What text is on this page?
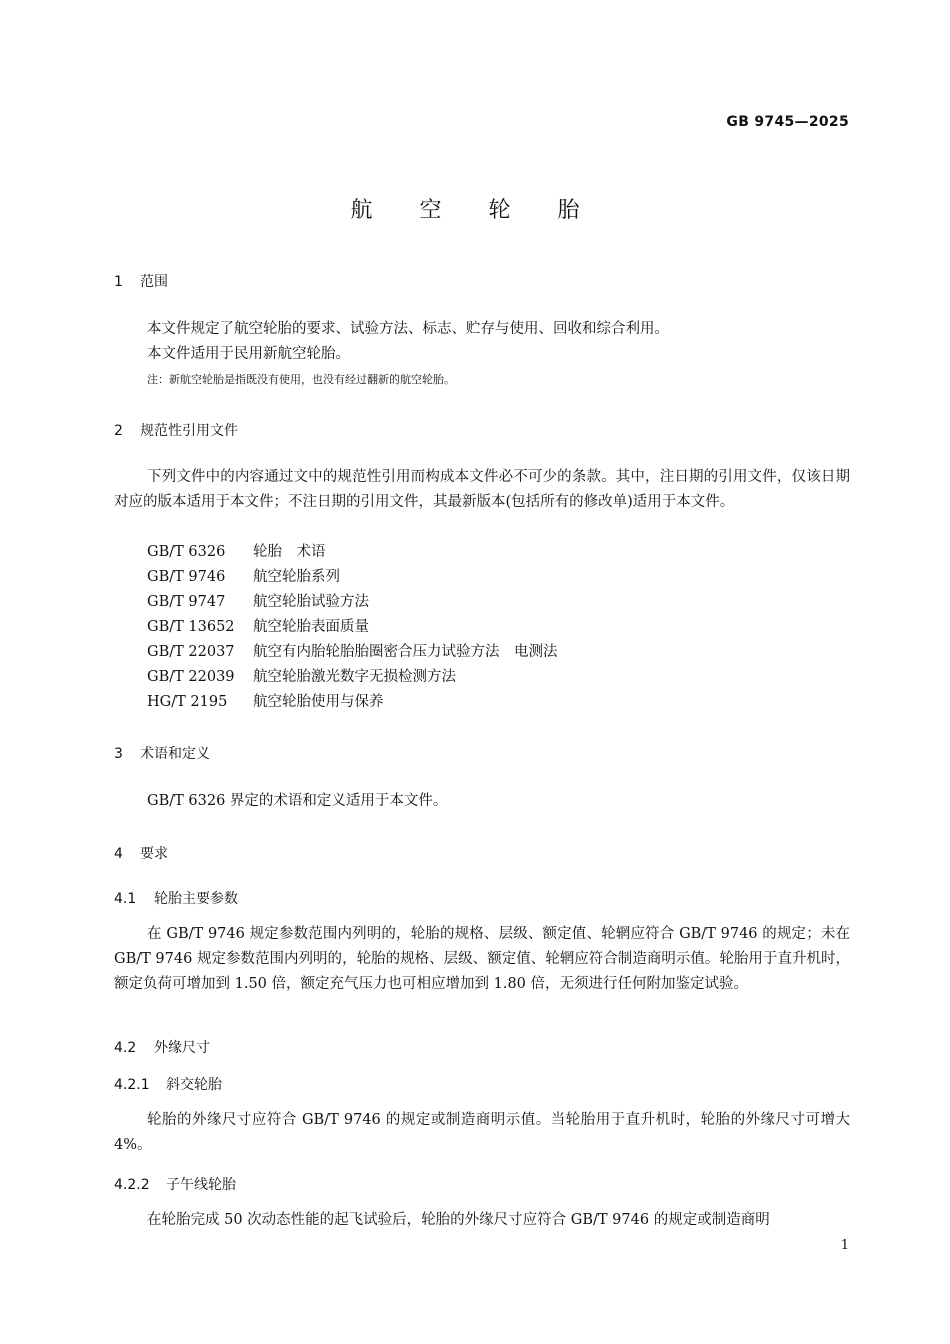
GB 9745—2025
航 空 轮 胎
1 范围
本文件规定了航空轮胎的要求、试验方法、标志、贮存与使用、回收和综合利用。
本文件适用于民用新航空轮胎。
注：新航空轮胎是指既没有使用，也没有经过翻新的航空轮胎。
2 规范性引用文件
下列文件中的内容通过文中的规范性引用而构成本文件必不可少的条款。其中，注日期的引用文件，仅该日期对应的版本适用于本文件；不注日期的引用文件，其最新版本(包括所有的修改单)适用于本文件。
GB/T 6326 轮胎　术语
GB/T 9746 航空轮胎系列
GB/T 9747 航空轮胎试验方法
GB/T 13652 航空轮胎表面质量
GB/T 22037 航空有内胎轮胎胎圈密合压力试验方法　电测法
GB/T 22039 航空轮胎激光数字无损检测方法
HG/T 2195 航空轮胎使用与保养
3 术语和定义
GB/T 6326 界定的术语和定义适用于本文件。
4 要求
4.1 轮胎主要参数
在 GB/T 9746 规定参数范围内列明的，轮胎的规格、层级、额定值、轮辋应符合 GB/T 9746 的规定；未在 GB/T 9746 规定参数范围内列明的，轮胎的规格、层级、额定值、轮辋应符合制造商明示值。轮胎用于直升机时，额定负荷可增加到 1.50 倍，额定充气压力也可相应增加到 1.80 倍，无须进行任何附加鉴定试验。
4.2 外缘尺寸
4.2.1 斜交轮胎
轮胎的外缘尺寸应符合 GB/T 9746 的规定或制造商明示值。当轮胎用于直升机时，轮胎的外缘尺寸可增大 4%。
4.2.2 子午线轮胎
在轮胎完成 50 次动态性能的起飞试验后，轮胎的外缘尺寸应符合 GB/T 9746 的规定或制造商明
1
